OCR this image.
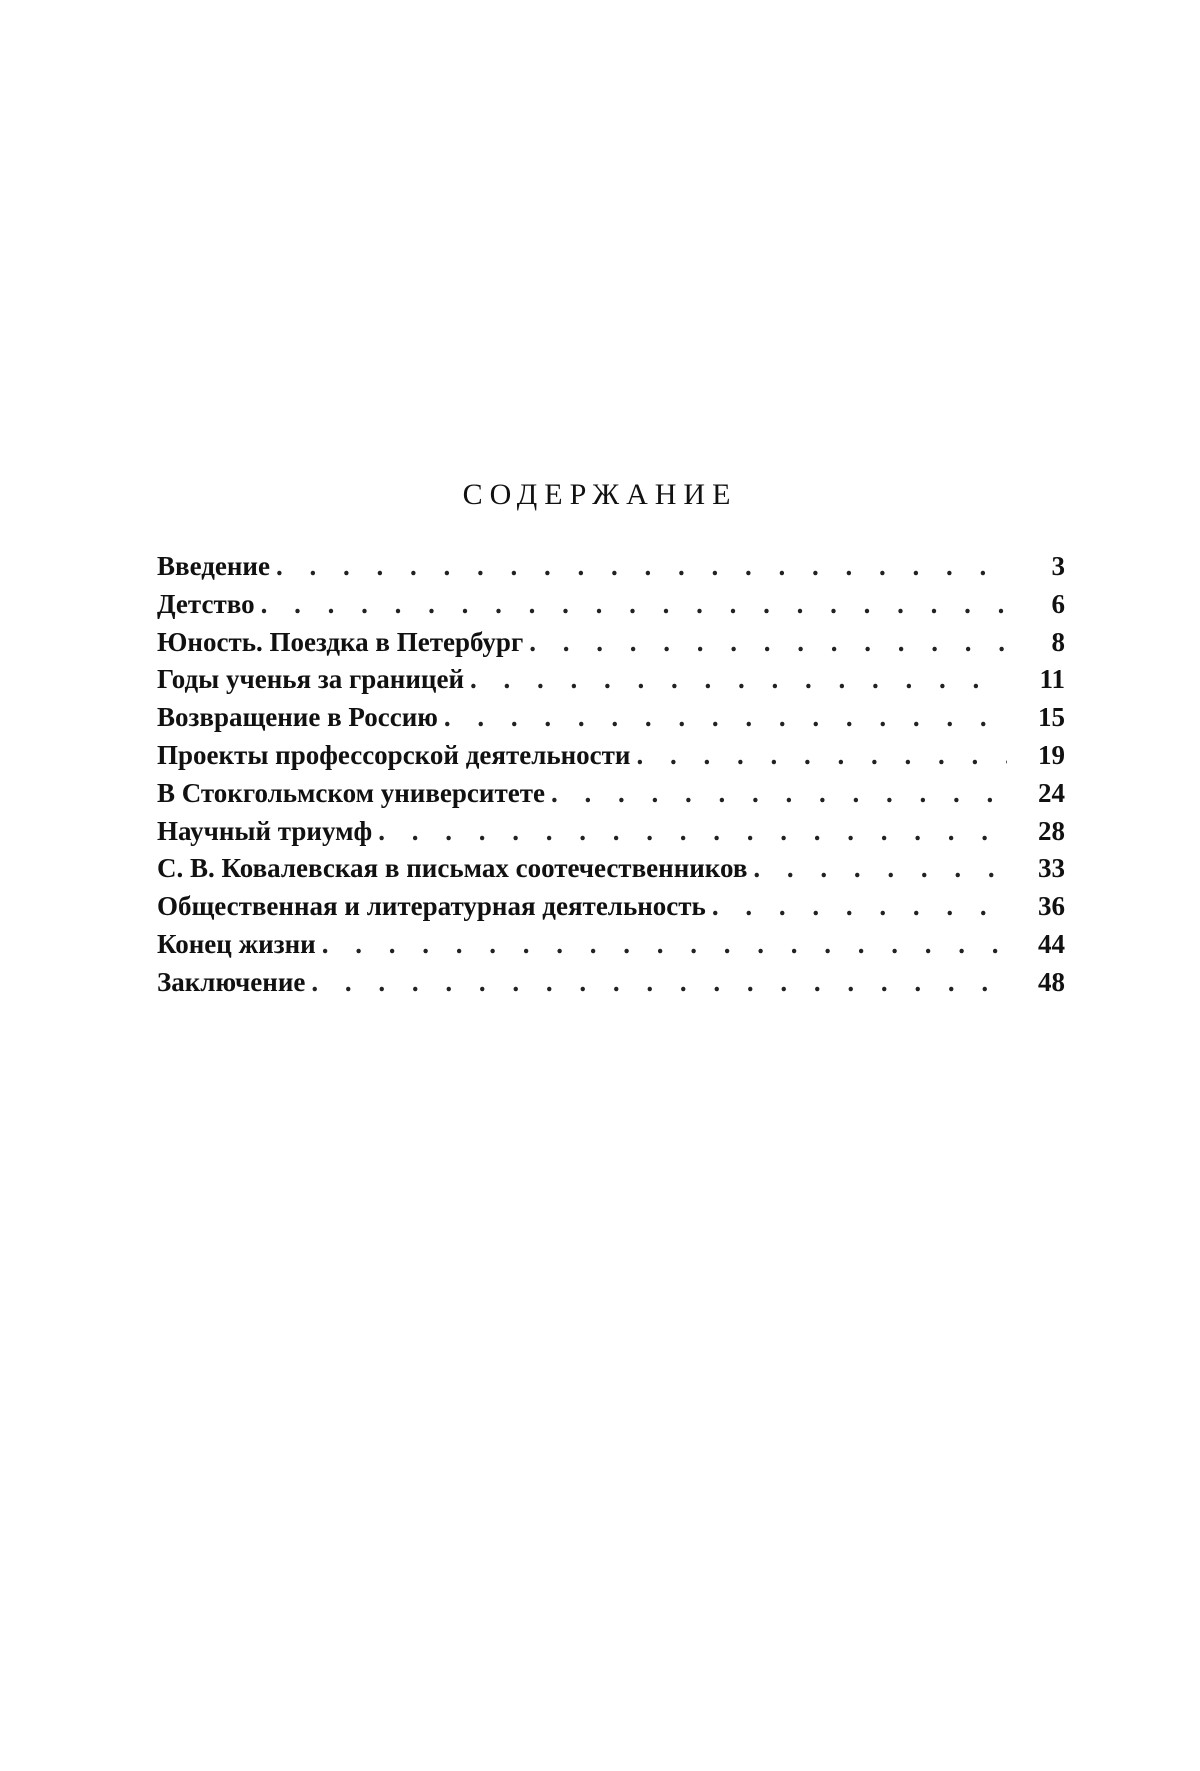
СОДЕРЖАНИЕ
Введение . . .	3
Детство . . .	6
Юность. Поездка в Петербург . . .	8
Годы ученья за границей . . .	11
Возвращение в Россию . . .	15
Проекты профессорской деятельности . . .	19
В Стокгольмском университете . . .	24
Научный триумф . . .	28
С. В. Ковалевская в письмах соотечественников . . .	33
Общественная и литературная деятельность . . .	36
Конец жизни . . .	44
Заключение . . .	48
